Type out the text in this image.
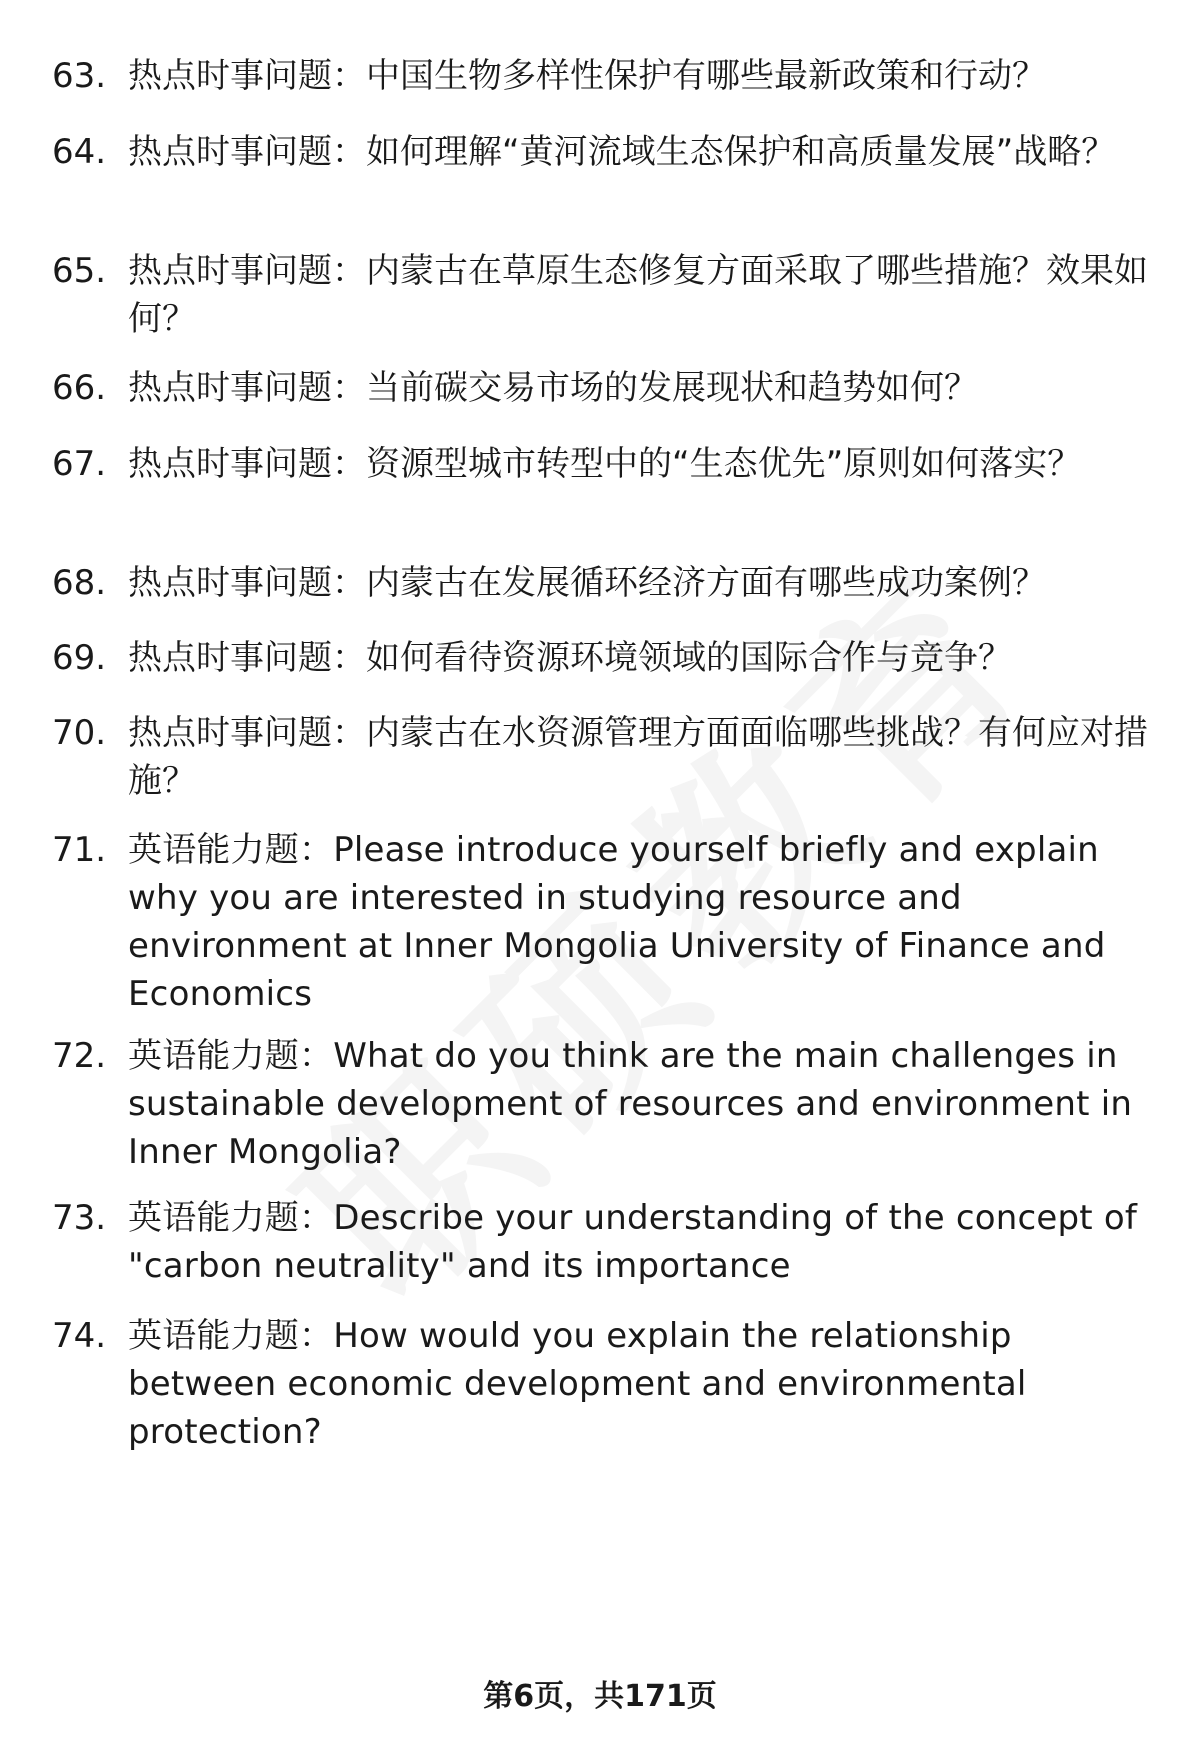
63. 热点时事问题：中国生物多样性保护有哪些最新政策和行动？
64. 热点时事问题：如何理解“黄河流域生态保护和高质量发展”战略？
65. 热点时事问题：内蒙古在草原生态修复方面采取了哪些措施？效果如何？
66. 热点时事问题：当前碳交易市场的发展现状和趋势如何？
67. 热点时事问题：资源型城市转型中的“生态优先”原则如何落实？
68. 热点时事问题：内蒙古在发展循环经济方面有哪些成功案例？
69. 热点时事问题：如何看待资源环境领域的国际合作与竞争？
70. 热点时事问题：内蒙古在水资源管理方面面临哪些挑战？有何应对措施？
71. 英语能力题：Please introduce yourself briefly and explain why you are interested in studying resource and environment at Inner Mongolia University of Finance and Economics
72. 英语能力题：What do you think are the main challenges in sustainable development of resources and environment in Inner Mongolia?
73. 英语能力题：Describe your understanding of the concept of "carbon neutrality" and its importance
74. 英语能力题：How would you explain the relationship between economic development and environmental protection?
第6页，共171页
